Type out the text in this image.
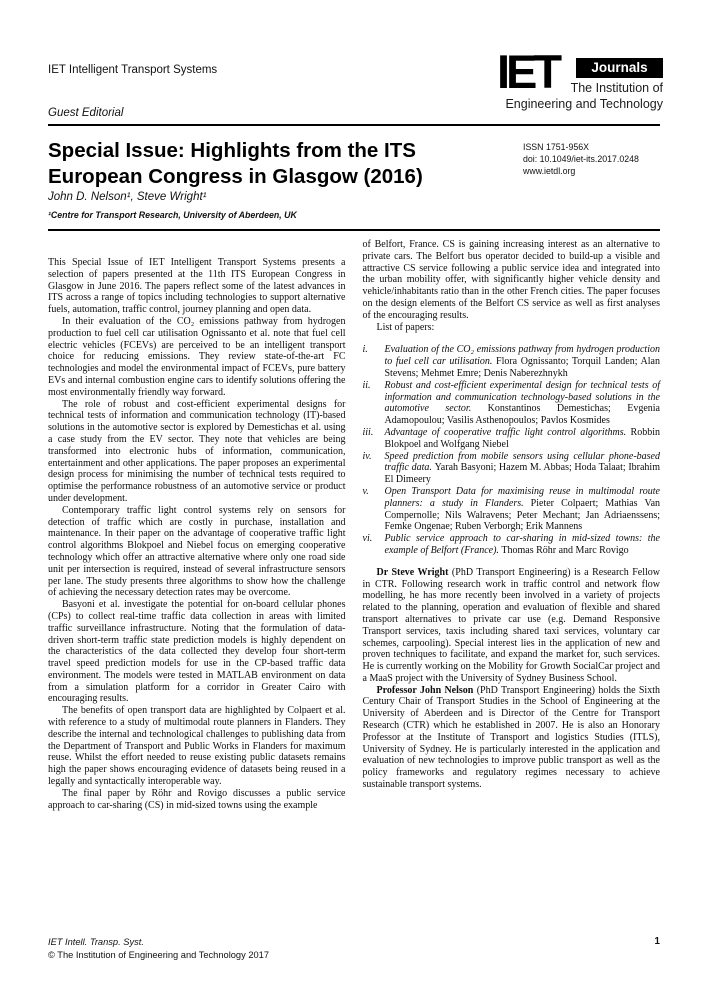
IET Intelligent Transport Systems
Guest Editorial
IET	Journals
The Institution of
Engineering and Technology
Special Issue: Highlights from the ITS
European Congress in Glasgow (2016)
ISSN 1751-956X
doi: 10.1049/iet-its.2017.0248
www.ietdl.org
John D. Nelson¹, Steve Wright¹
¹Centre for Transport Research, University of Aberdeen, UK

This Special Issue of IET Intelligent Transport Systems presents a selection of papers presented at the 11th ITS European Congress in Glasgow in June 2016. The papers reflect some of the latest advances in ITS across a range of topics including technologies to support alternative fuels, automation, traffic control, journey planning and open data.

In their evaluation of the CO₂ emissions pathway from hydrogen production to fuel cell car utilisation Ognissanto et al. note that fuel cell electric vehicles (FCEVs) are perceived to be an intelligent transport choice for reducing emissions. They review state-of-the-art FC technologies and model the environmental impact of FCEVs, pure battery EVs and internal combustion engine cars to identify solutions offering the most environmentally friendly way forward.

The role of robust and cost-efficient experimental designs for technical tests of information and communication technology (IT)-based solutions in the automotive sector is explored by Demestichas et al. using a case study from the EV sector. They note that vehicles are being transformed into electronic hubs of information, communication, entertainment and other applications. The paper proposes an experimental design process for minimising the number of technical tests required to optimise the performance robustness of an automotive service or product under development.

Contemporary traffic light control systems rely on sensors for detection of traffic which are costly in purchase, installation and maintenance. In their paper on the advantage of cooperative traffic light control algorithms Blokpoel and Niebel focus on emerging cooperative technology which offer an attractive alternative where only one road side unit per intersection is required, instead of several infrastructure sensors per lane. The study presents three algorithms to show how the challenge of achieving the necessary detection rates may be overcome.

Basyoni et al. investigate the potential for on-board cellular phones (CPs) to collect real-time traffic data collection in areas with limited traffic surveillance infrastructure. Noting that the formulation of data-driven short-term traffic state prediction models is highly dependent on the characteristics of the data collected they develop four short-term travel speed prediction models for use in the CP-based traffic data environment. The models were tested in MATLAB environment on data from a simulation platform for a corridor in Greater Cairo with encouraging results.

The benefits of open transport data are highlighted by Colpaert et al. with reference to a study of multimodal route planners in Flanders. They describe the internal and technological challenges to publishing data from the Department of Transport and Public Works in Flanders for maximum reuse. Whilst the effort needed to reuse existing public datasets remains high the paper shows encouraging evidence of datasets being reused in a legally and syntactically interoperable way.

The final paper by Röhr and Rovigo discusses a public service approach to car-sharing (CS) in mid-sized towns using the example

of Belfort, France. CS is gaining increasing interest as an alternative to private cars. The Belfort bus operator decided to build-up a visible and attractive CS service following a public service idea and integrated into the urban mobility offer, with significantly higher vehicle density and vehicle/inhabitants ratio than in the other French cities. The paper focuses on the design elements of the Belfort CS service as well as first analyses of the encouraging results.

List of papers:

i.	Evaluation of the CO₂ emissions pathway from hydrogen production to fuel cell car utilisation. Flora Ognissanto; Torquil Landen; Alan Stevens; Mehmet Emre; Denis Naberezhnykh
ii.	Robust and cost-efficient experimental design for technical tests of information and communication technology-based solutions in the automotive sector. Konstantinos Demestichas; Evgenia Adamopoulou; Vasilis Asthenopoulos; Pavlos Kosmides
iii.	Advantage of cooperative traffic light control algorithms. Robbin Blokpoel and Wolfgang Niebel
iv.	Speed prediction from mobile sensors using cellular phone-based traffic data. Yarah Basyoni; Hazem M. Abbas; Hoda Talaat; Ibrahim El Dimeery
v.	Open Transport Data for maximising reuse in multimodal route planners: a study in Flanders. Pieter Colpaert; Mathias Van Compernolle; Nils Walravens; Peter Mechant; Jan Adriaenssens; Femke Ongenae; Ruben Verborgh; Erik Mannens
vi.	Public service approach to car-sharing in mid-sized towns: the example of Belfort (France). Thomas Röhr and Marc Rovigo

Dr Steve Wright (PhD Transport Engineering) is a Research Fellow in CTR. Following research work in traffic control and network flow modelling, he has more recently been involved in a variety of projects related to the planning, operation and evaluation of flexible and shared transport alternatives to private car use (e.g. Demand Responsive Transport services, taxis including shared taxi services, voluntary car schemes, carpooling). Special interest lies in the application of new and proven techniques to facilitate, and expand the market for, such services. He is currently working on the Mobility for Growth SocialCar project and a MaaS project with the University of Sydney Business School.

Professor John Nelson (PhD Transport Engineering) holds the Sixth Century Chair of Transport Studies in the School of Engineering at the University of Aberdeen and is Director of the Centre for Transport Research (CTR) which he established in 2007. He is also an Honorary Professor at the Institute of Transport and logistics Studies (ITLS), University of Sydney. He is particularly interested in the application and evaluation of new technologies to improve public transport as well as the policy frameworks and regulatory regimes necessary to achieve sustainable transport systems.

IET Intell. Transp. Syst.
© The Institution of Engineering and Technology 2017
1
